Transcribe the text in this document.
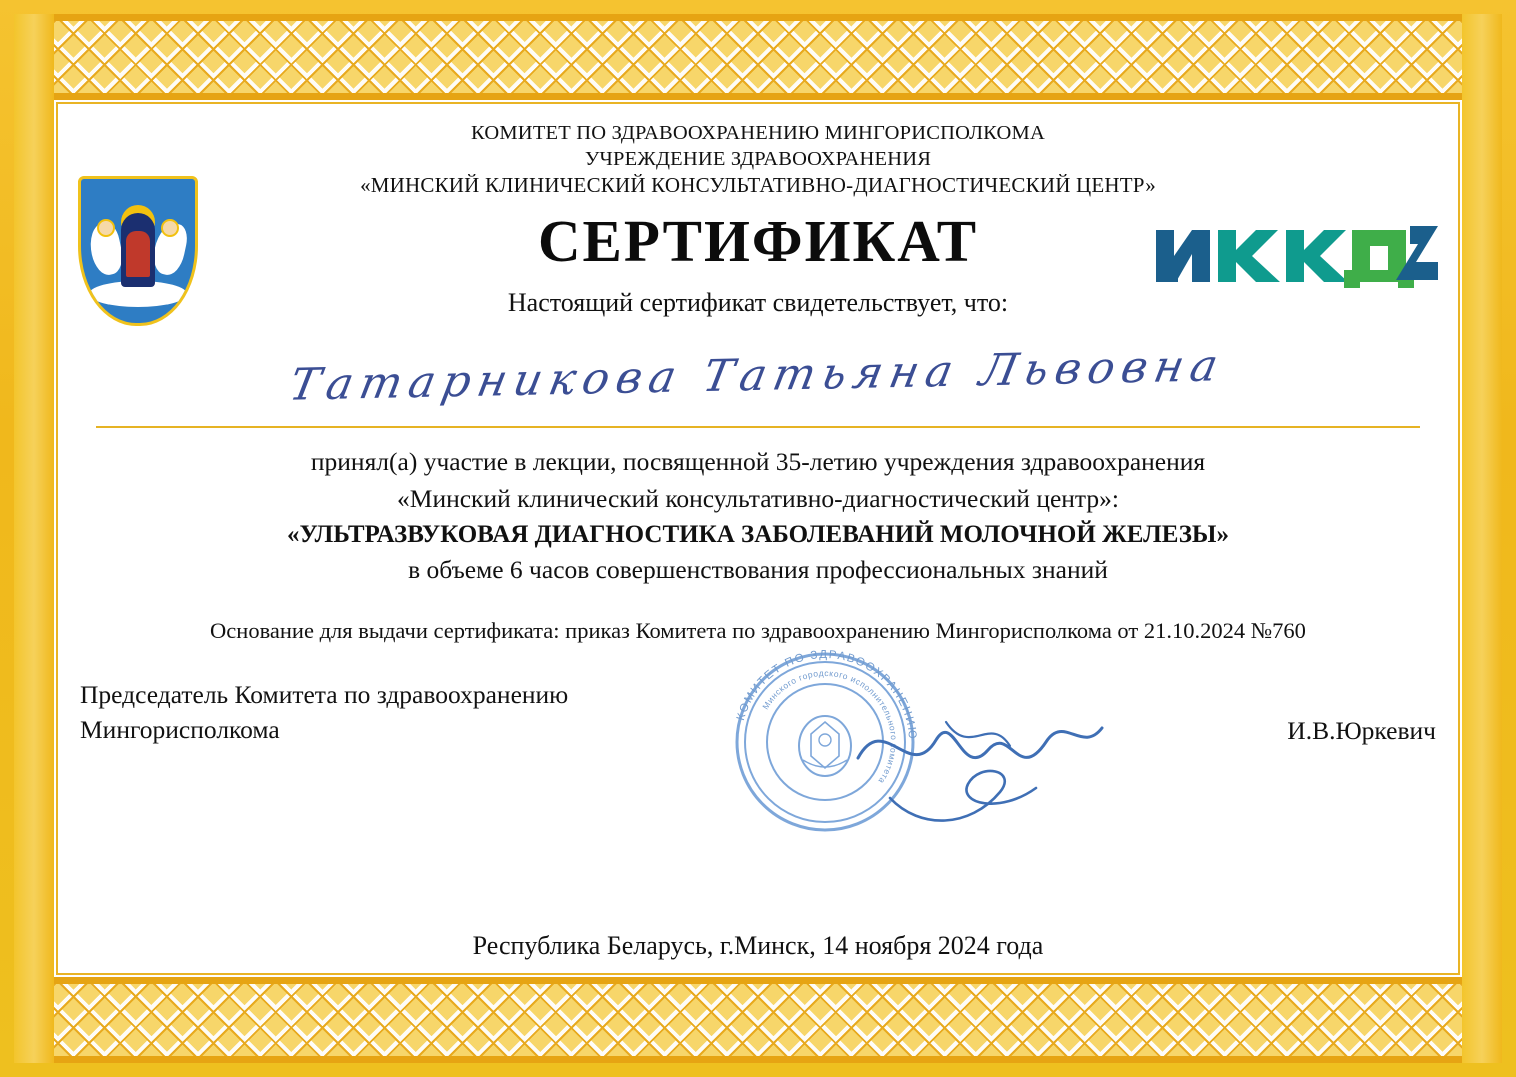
КОМИТЕТ ПО ЗДРАВООХРАНЕНИЮ МИНГОРИСПОЛКОМА
УЧРЕЖДЕНИЕ ЗДРАВООХРАНЕНИЯ
«МИНСКИЙ КЛИНИЧЕСКИЙ КОНСУЛЬТАТИВНО-ДИАГНОСТИЧЕСКИЙ ЦЕНТР»
СЕРТИФИКАТ
Настоящий сертификат свидетельствует, что:
Татарникова Татьяна Львовна
принял(а) участие в лекции, посвященной 35-летию учреждения здравоохранения
«Минский клинический консультативно-диагностический центр»:
«УЛЬТРАЗВУКОВАЯ ДИАГНОСТИКА ЗАБОЛЕВАНИЙ МОЛОЧНОЙ ЖЕЛЕЗЫ»
в объеме 6 часов совершенствования профессиональных знаний
Основание для выдачи сертификата: приказ Комитета по здравоохранению Мингорисполкома от 21.10.2024 №760
Председатель Комитета по здравоохранению
Мингорисполкома	КОМИТЕТ ПО ЗДРАВООХРАНЕНИЮ
Минского городского исполнительного комитета
И.В.Юркевич
Республика Беларусь, г.Минск, 14 ноября 2024 года
